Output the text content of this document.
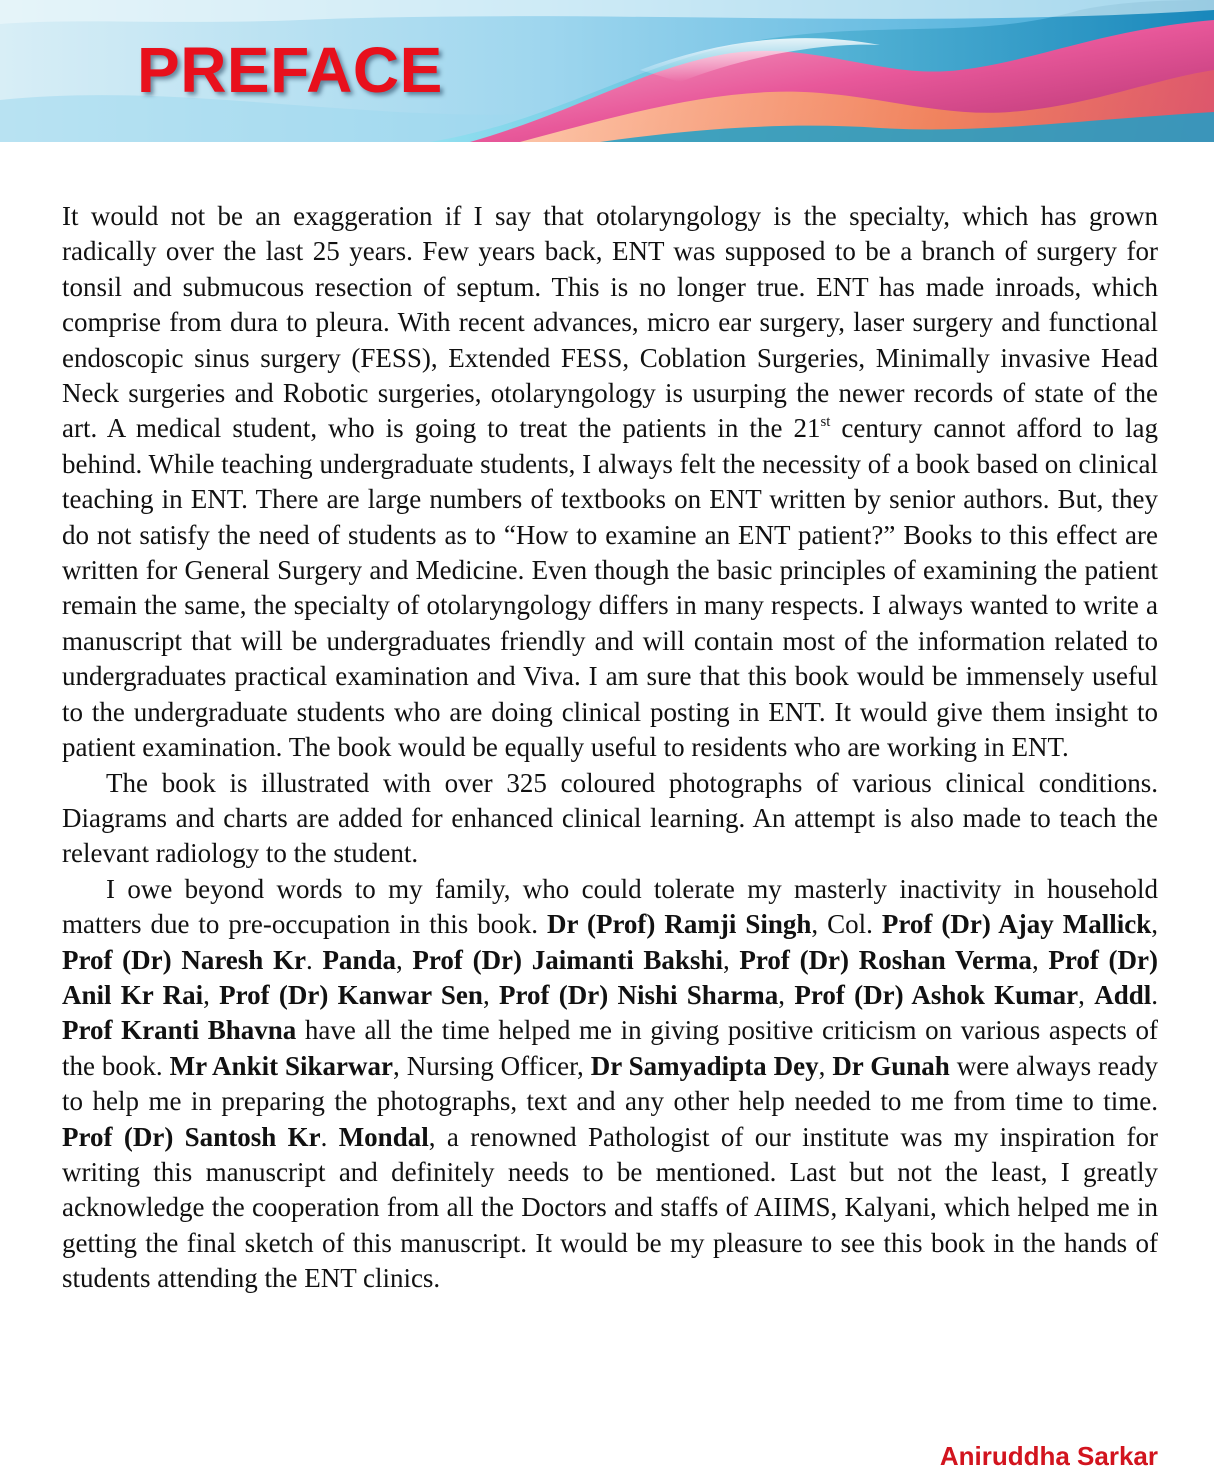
PREFACE

It would not be an exaggeration if I say that otolaryngology is the specialty, which has grown radically over the last 25 years. Few years back, ENT was supposed to be a branch of surgery for tonsil and submucous resection of septum. This is no longer true. ENT has made inroads, which comprise from dura to pleura. With recent advances, micro ear surgery, laser surgery and functional endoscopic sinus surgery (FESS), Extended FESS, Coblation Surgeries, Minimally invasive Head Neck surgeries and Robotic surgeries, otolaryngology is usurping the newer records of state of the art. A medical student, who is going to treat the patients in the 21st century cannot afford to lag behind. While teaching undergraduate students, I always felt the necessity of a book based on clinical teaching in ENT. There are large numbers of textbooks on ENT written by senior authors. But, they do not satisfy the need of students as to “How to examine an ENT patient?” Books to this effect are written for General Surgery and Medicine. Even though the basic principles of examining the patient remain the same, the specialty of otolaryngology differs in many respects. I always wanted to write a manuscript that will be undergraduates friendly and will contain most of the information related to undergraduates practical examination and Viva. I am sure that this book would be immensely useful to the undergraduate students who are doing clinical posting in ENT. It would give them insight to patient examination. The book would be equally useful to residents who are working in ENT.

The book is illustrated with over 325 coloured photographs of various clinical conditions. Diagrams and charts are added for enhanced clinical learning. An attempt is also made to teach the relevant radiology to the student.

I owe beyond words to my family, who could tolerate my masterly inactivity in household matters due to pre-occupation in this book. Dr (Prof) Ramji Singh, Col. Prof (Dr) Ajay Mallick, Prof (Dr) Naresh Kr. Panda, Prof (Dr) Jaimanti Bakshi, Prof (Dr) Roshan Verma, Prof (Dr) Anil Kr Rai, Prof (Dr) Kanwar Sen, Prof (Dr) Nishi Sharma, Prof (Dr) Ashok Kumar, Addl. Prof Kranti Bhavna have all the time helped me in giving positive criticism on various aspects of the book. Mr Ankit Sikarwar, Nursing Officer, Dr Samyadipta Dey, Dr Gunah were always ready to help me in preparing the photographs, text and any other help needed to me from time to time. Prof (Dr) Santosh Kr. Mondal, a renowned Pathologist of our institute was my inspiration for writing this manuscript and definitely needs to be mentioned. Last but not the least, I greatly acknowledge the cooperation from all the Doctors and staffs of AIIMS, Kalyani, which helped me in getting the final sketch of this manuscript. It would be my pleasure to see this book in the hands of students attending the ENT clinics.

Aniruddha Sarkar
